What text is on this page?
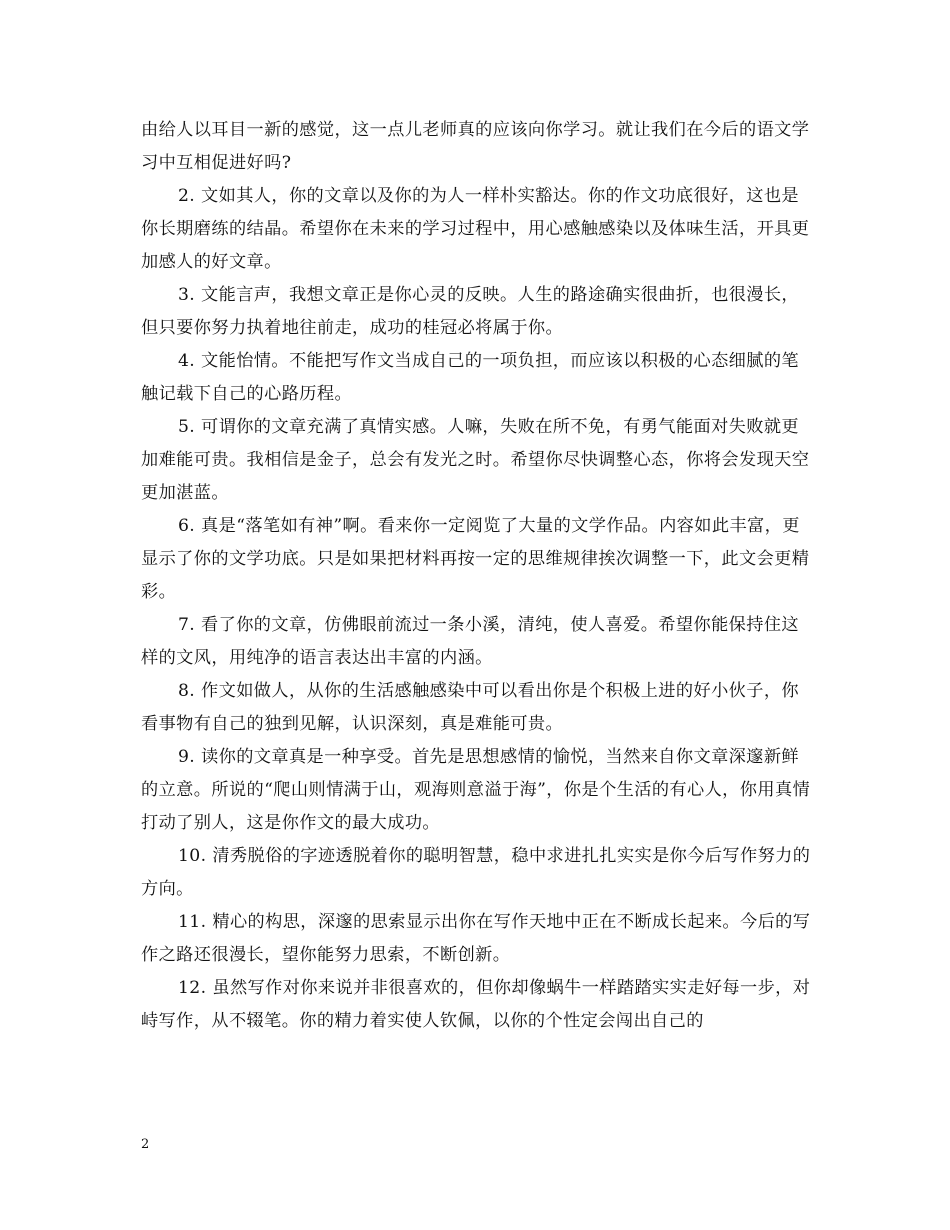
由给人以耳目一新的感觉，这一点儿老师真的应该向你学习。就让我们在今后的语文学习中互相促进好吗?

2. 文如其人，你的文章以及你的为人一样朴实豁达。你的作文功底很好，这也是你长期磨练的结晶。希望你在未来的学习过程中，用心感触感染以及体味生活，开具更加感人的好文章。

3. 文能言声，我想文章正是你心灵的反映。人生的路途确实很曲折，也很漫长，但只要你努力执着地往前走，成功的桂冠必将属于你。

4. 文能怡情。不能把写作文当成自己的一项负担，而应该以积极的心态细腻的笔触记载下自己的心路历程。

5. 可谓你的文章充满了真情实感。人嘛，失败在所不免，有勇气能面对失败就更加难能可贵。我相信是金子，总会有发光之时。希望你尽快调整心态，你将会发现天空更加湛蓝。

6. 真是“落笔如有神”啊。看来你一定阅览了大量的文学作品。内容如此丰富，更显示了你的文学功底。只是如果把材料再按一定的思维规律挨次调整一下，此文会更精彩。

7. 看了你的文章，仿佛眼前流过一条小溪，清纯，使人喜爱。希望你能保持住这样的文风，用纯净的语言表达出丰富的内涵。

8. 作文如做人，从你的生活感触感染中可以看出你是个积极上进的好小伙子，你看事物有自己的独到见解，认识深刻，真是难能可贵。

9. 读你的文章真是一种享受。首先是思想感情的愉悦，当然来自你文章深邃新鲜的立意。所说的“爬山则情满于山，观海则意溢于海”，你是个生活的有心人，你用真情打动了别人，这是你作文的最大成功。

10. 清秀脱俗的字迹透脱着你的聪明智慧，稳中求进扎扎实实是你今后写作努力的方向。

11. 精心的构思，深邃的思索显示出你在写作天地中正在不断成长起来。今后的写作之路还很漫长，望你能努力思索，不断创新。

12. 虽然写作对你来说并非很喜欢的，但你却像蜗牛一样踏踏实实走好每一步，对峙写作，从不辍笔。你的精力着实使人钦佩，以你的个性定会闯出自己的

2
